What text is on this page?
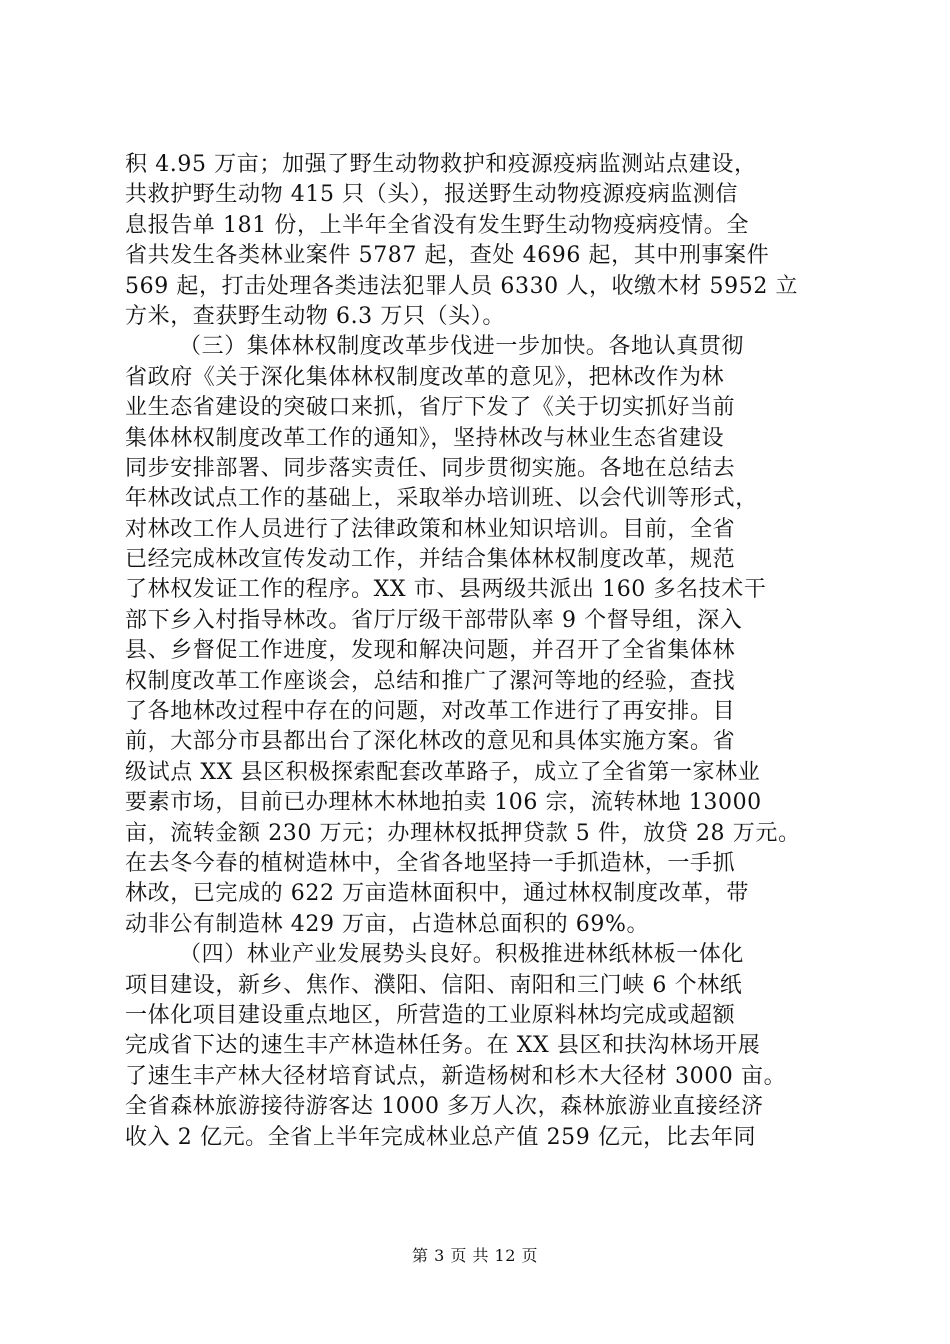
积 4.95 万亩；加强了野生动物救护和疫源疫病监测站点建设，
共救护野生动物 415 只（头），报送野生动物疫源疫病监测信
息报告单 181 份，上半年全省没有发生野生动物疫病疫情。全
省共发生各类林业案件 5787 起，查处 4696 起，其中刑事案件
569 起，打击处理各类违法犯罪人员 6330 人，收缴木材 5952 立
方米，查获野生动物 6.3 万只（头）。
（三）集体林权制度改革步伐进一步加快。各地认真贯彻
省政府《关于深化集体林权制度改革的意见》，把林改作为林
业生态省建设的突破口来抓，省厅下发了《关于切实抓好当前
集体林权制度改革工作的通知》，坚持林改与林业生态省建设
同步安排部署、同步落实责任、同步贯彻实施。各地在总结去
年林改试点工作的基础上，采取举办培训班、以会代训等形式，
对林改工作人员进行了法律政策和林业知识培训。目前，全省
已经完成林改宣传发动工作，并结合集体林权制度改革，规范
了林权发证工作的程序。XX 市、县两级共派出 160 多名技术干
部下乡入村指导林改。省厅厅级干部带队率 9 个督导组，深入
县、乡督促工作进度，发现和解决问题，并召开了全省集体林
权制度改革工作座谈会，总结和推广了漯河等地的经验，查找
了各地林改过程中存在的问题，对改革工作进行了再安排。目
前，大部分市县都出台了深化林改的意见和具体实施方案。省
级试点 XX 县区积极探索配套改革路子，成立了全省第一家林业
要素市场，目前已办理林木林地拍卖 106 宗，流转林地 13000
亩，流转金额 230 万元；办理林权抵押贷款 5 件，放贷 28 万元。
在去冬今春的植树造林中，全省各地坚持一手抓造林，一手抓
林改，已完成的 622 万亩造林面积中，通过林权制度改革，带
动非公有制造林 429 万亩，占造林总面积的 69%。
（四）林业产业发展势头良好。积极推进林纸林板一体化
项目建设，新乡、焦作、濮阳、信阳、南阳和三门峡 6 个林纸
一体化项目建设重点地区，所营造的工业原料林均完成或超额
完成省下达的速生丰产林造林任务。在 XX 县区和扶沟林场开展
了速生丰产林大径材培育试点，新造杨树和杉木大径材 3000 亩。
全省森林旅游接待游客达 1000 多万人次，森林旅游业直接经济
收入 2 亿元。全省上半年完成林业总产值 259 亿元，比去年同
第 3 页 共 12 页
